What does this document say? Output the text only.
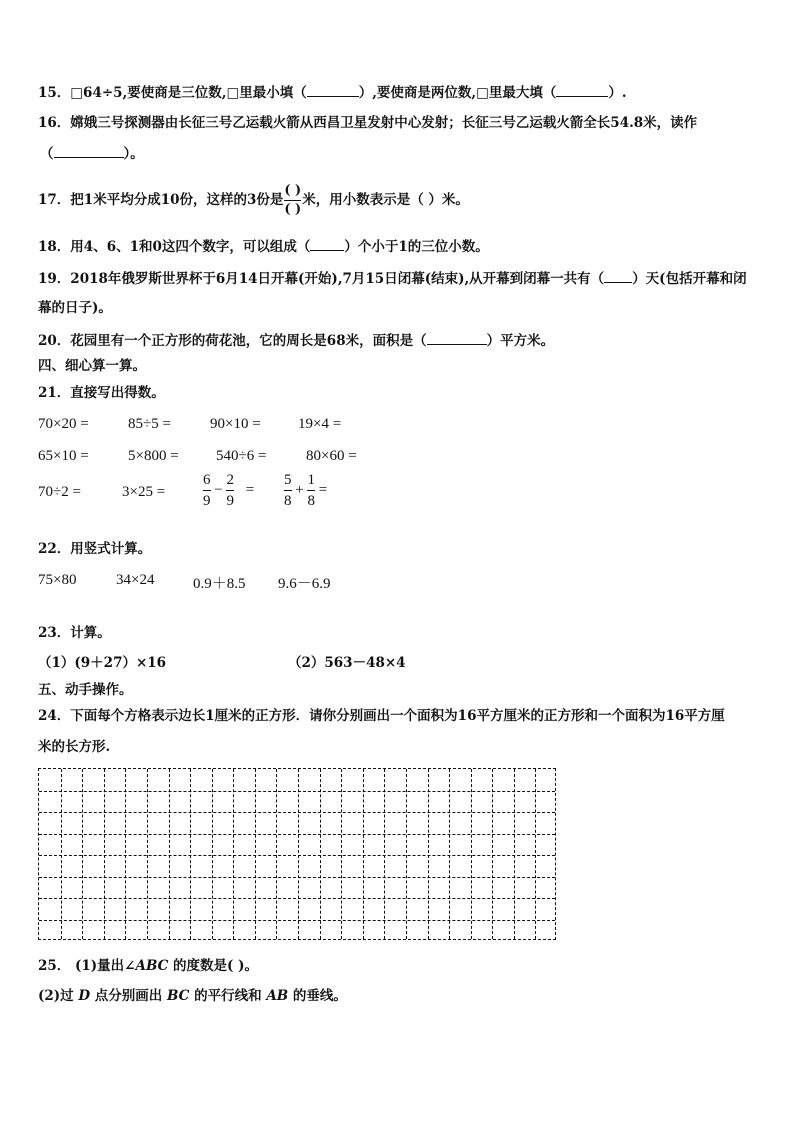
15．□64÷5,要使商是三位数,□里最小填（	）,要使商是两位数,□里最大填（	）.
16．嫦娥三号探测器由长征三号乙运载火箭从西昌卫星发射中心发射；长征三号乙运载火箭全长54.8米，读作
（	）。
17．把1米平均分成10份，这样的3份是 $\frac{( )}{( )}$ 米，用小数表示是（ ）米。
18．用4、6、1和0这四个数字，可以组成（	）个小于1的三位小数。
19．2018年俄罗斯世界杯于6月14日开幕(开始),7月15日闭幕(结束),从开幕到闭幕一共有（ ）天(包括开幕和闭
幕的日子)。
20．花园里有一个正方形的荷花池，它的周长是68米，面积是（	）平方米。
四、细心算一算。
21．直接写出得数。
70×20 =	85÷5 =	90×10 = 19×4 =
65×10 =	5×800 = 540÷6 =	80×60 =
70÷2 =	3×25 =	$\frac{6}{9} - \frac{2}{9} = \frac{5}{8} + \frac{1}{8}$ =
22．用竖式计算。
75×80	34×24	0.9＋8.5 9.6－6.9
23．计算。
（1）(9＋27）×16	（2）563－48×4
五、动手操作。
24．下面每个方格表示边长1厘米的正方形．请你分别画出一个面积为16平方厘米的正方形和一个面积为16平方厘
米的长方形.
25． (1)量出∠ABC 的度数是( )。
(2)过 D 点分别画出 BC 的平行线和 AB 的垂线。
